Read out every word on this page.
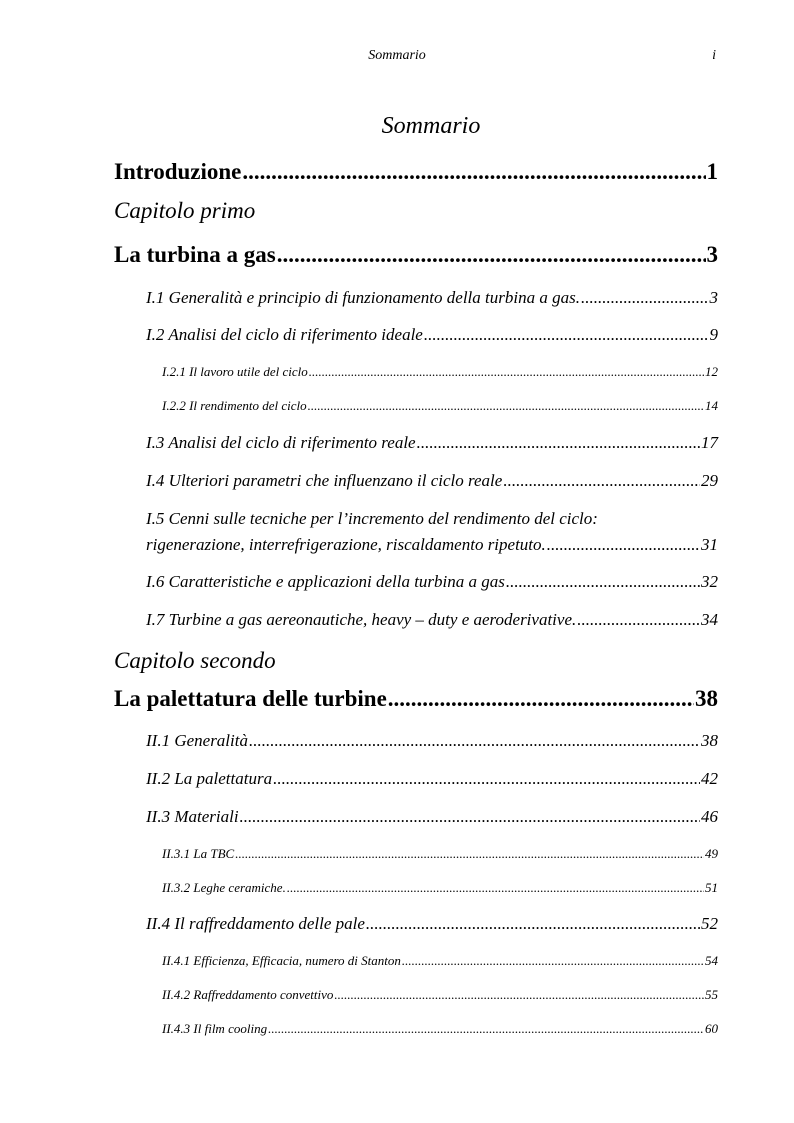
Sommario	i
Sommario
Introduzione .....	1
Capitolo primo
La turbina a gas .....	3
I.1 Generalità e principio di funzionamento della turbina a gas. .....	3
I.2 Analisi del ciclo di riferimento ideale .....	9
I.2.1 Il lavoro utile del ciclo .....	12
I.2.2 Il rendimento del ciclo .....	14
I.3 Analisi del ciclo di riferimento reale .....	17
I.4 Ulteriori parametri che influenzano il ciclo reale .....	29
I.5 Cenni sulle tecniche per l’incremento del rendimento del ciclo:
rigenerazione, interrefrigerazione, riscaldamento ripetuto. .....	31
I.6 Caratteristiche e applicazioni della turbina a gas .....	32
I.7 Turbine a gas aereonautiche, heavy – duty e aeroderivative. .....	34
Capitolo secondo
La palettatura delle turbine .....	38
II.1 Generalità .....	38
II.2 La palettatura .....	42
II.3 Materiali .....	46
II.3.1 La TBC .....	49
II.3.2 Leghe ceramiche. .....	51
II.4 Il raffreddamento delle pale .....	52
II.4.1 Efficienza, Efficacia, numero di Stanton .....	54
II.4.2 Raffreddamento convettivo .....	55
II.4.3 Il film cooling .....	60
